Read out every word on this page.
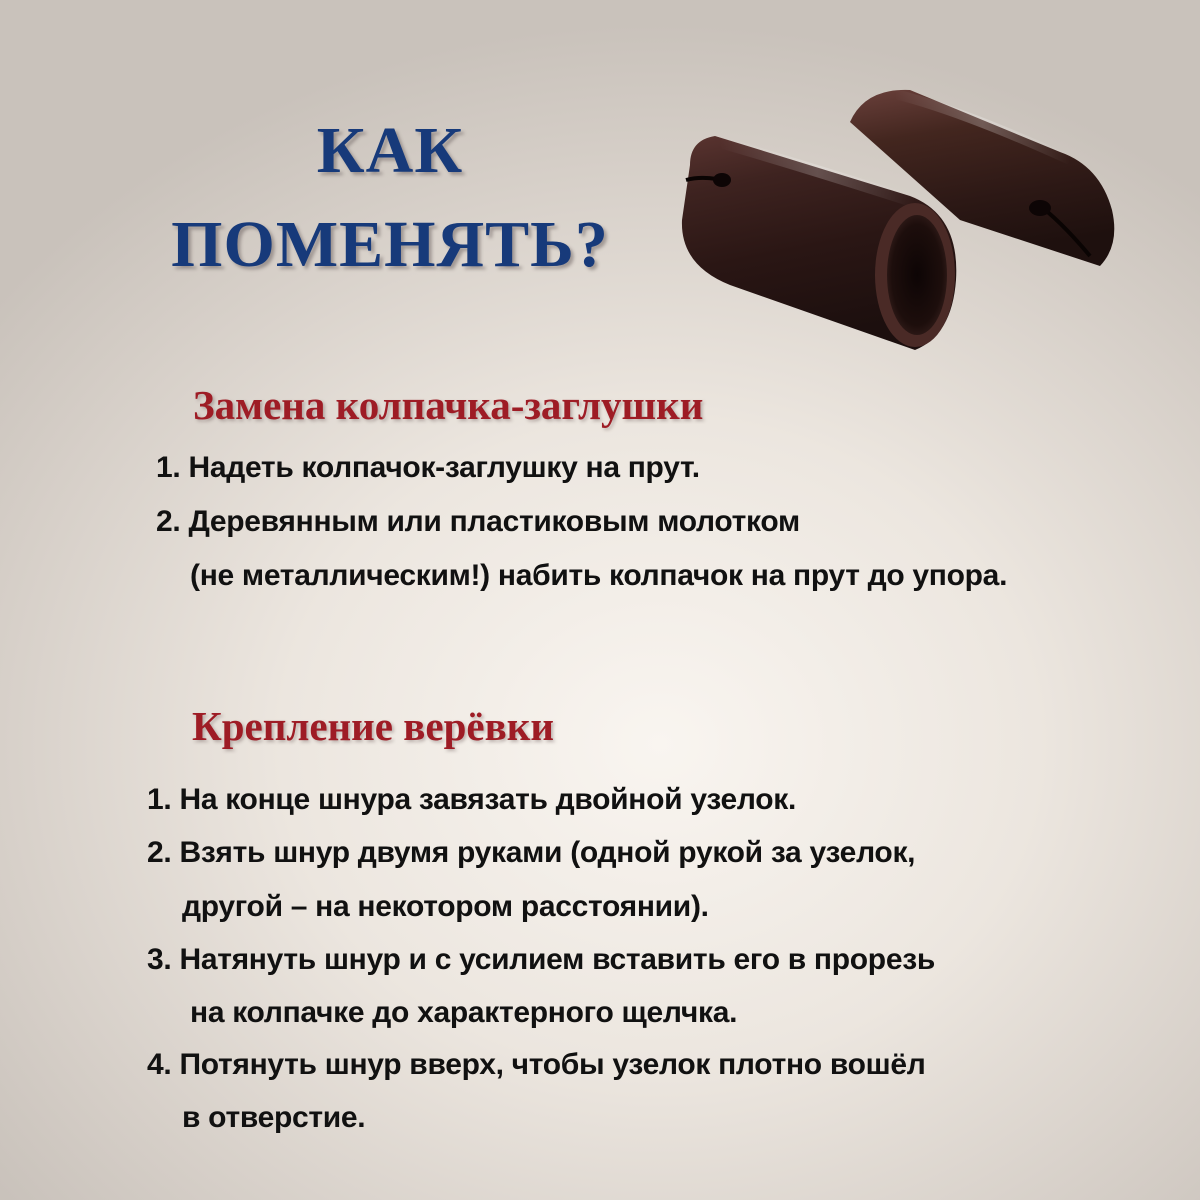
КАК
ПОМЕНЯТЬ?
Замена колпачка-заглушки
1. Надеть колпачок-заглушку на прут.
2. Деревянным или пластиковым молотком
(не металлическим!) набить колпачок на прут до упора.
Крепление верёвки
1. На конце шнура завязать двойной узелок.
2. Взять шнур двумя руками (одной рукой за узелок,
другой – на некотором расстоянии).
3. Натянуть шнур и с усилием вставить его в прорезь
на колпачке до характерного щелчка.
4. Потянуть шнур вверх, чтобы узелок плотно вошёл
в отверстие.
